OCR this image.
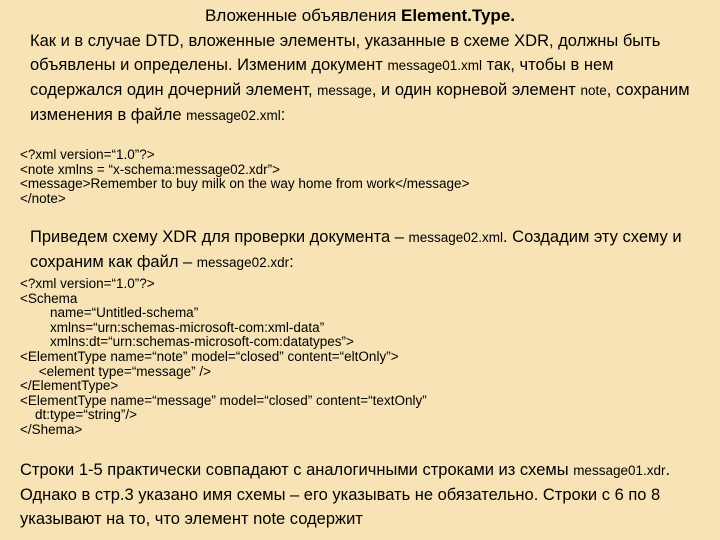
Вложенные объявления Element.Type.
Как и в случае DTD, вложенные элементы, указанные в схеме XDR, должны быть объявлены и определены. Изменим документ message01.xml так, чтобы в нем содержался один дочерний элемент, message, и один корневой элемент note, сохраним изменения в файле message02.xml:
<?xml version=“1.0”?>
<note xmlns = “x-schema:message02.xdr”>
<message>Remember to buy milk on the way home from work</message>
</note>
Приведем схему XDR для проверки документа – message02.xml. Создадим эту схему и сохраним как файл – message02.xdr:
<?xml version=“1.0”?>
<Schema
name=“Untitled-schema”
xmlns=“urn:schemas-microsoft-com:xml-data”
xmlns:dt=“urn:schemas-microsoft-com:datatypes”>
<ElementType name=“note” model=“closed” content=“eltOnly”>
<element type=“message” />
</ElementType>
<ElementType name=“message” model=“closed” content=“textOnly”
dt:type=“string”/>
</Shema>
Строки 1-5 практически совпадают с аналогичными строками из схемы message01.xdr. Однако в стр.3 указано имя схемы – его указывать не обязательно. Строки с 6 по 8 указывают на то, что элемент note содержит
